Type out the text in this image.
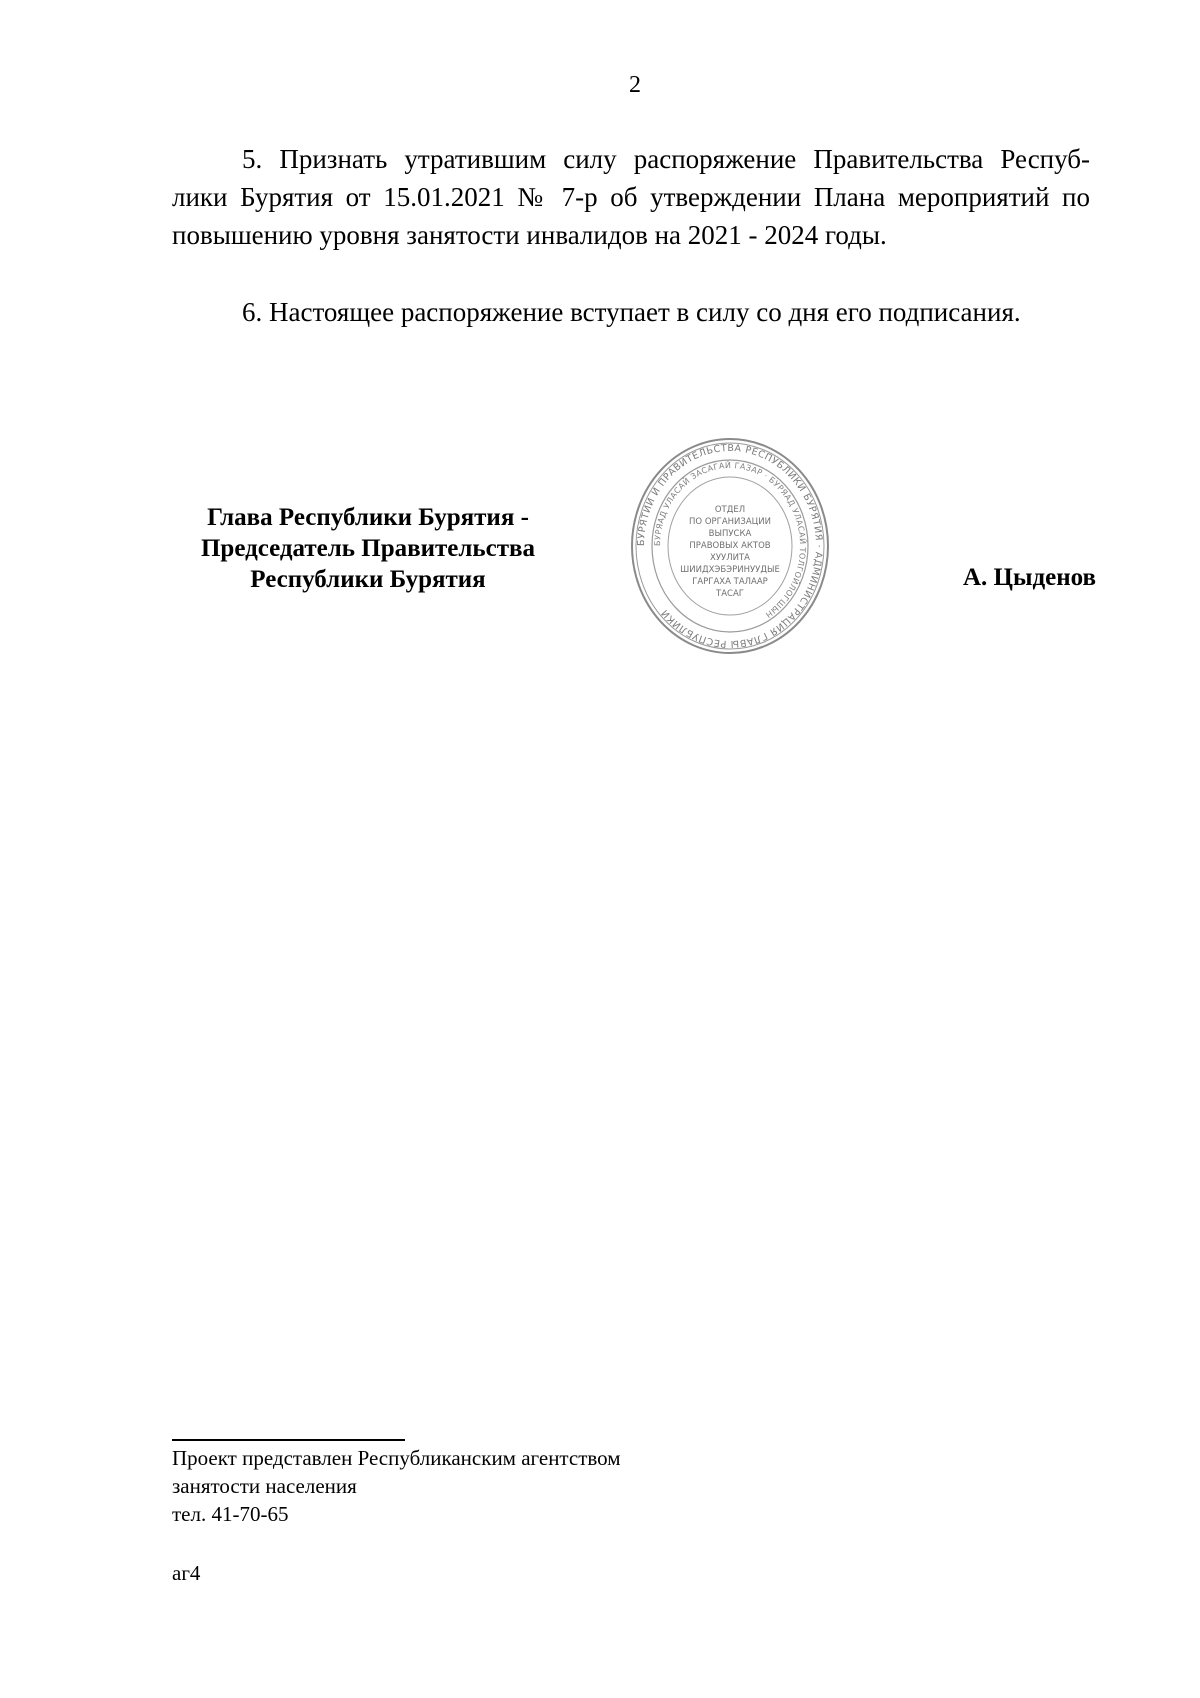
2
5. Признать утратившим силу распоряжение Правительства Респуб-
лики Бурятия от 15.01.2021 № 7-р об утверждении Плана мероприятий по
повышению уровня занятости инвалидов на 2021 - 2024 годы.

6. Настоящее распоряжение вступает в силу со дня его подписания.

Глава Республики Бурятия -
Председатель Правительства
Республики Бурятия
БУРЯТИИ И ПРАВИТЕЛЬСТВА РЕСПУБЛИКИ БУРЯТИЯ · АДМИНИСТРАЦИЯ ГЛАВЫ РЕСПУБЛИКИ
БУРЯАД УЛАСАЙ ЗАСАГАЙ ГАЗАР · БУРЯАД УЛАСАЙ ТОЛГОЙЛОГШЫН
ОТДЕЛ
ПО ОРГАНИЗАЦИИ
ВЫПУСКА
ПРАВОВЫХ АКТОВ
ХУУЛИТА
ШИИДХЭБЭРИНУУДЫЕ
ГАРГАХА ТАЛААР
ТАСАГ
А. Цыденов
Проект представлен Республиканским агентством
занятости населения
тел. 41-70-65
аг4
